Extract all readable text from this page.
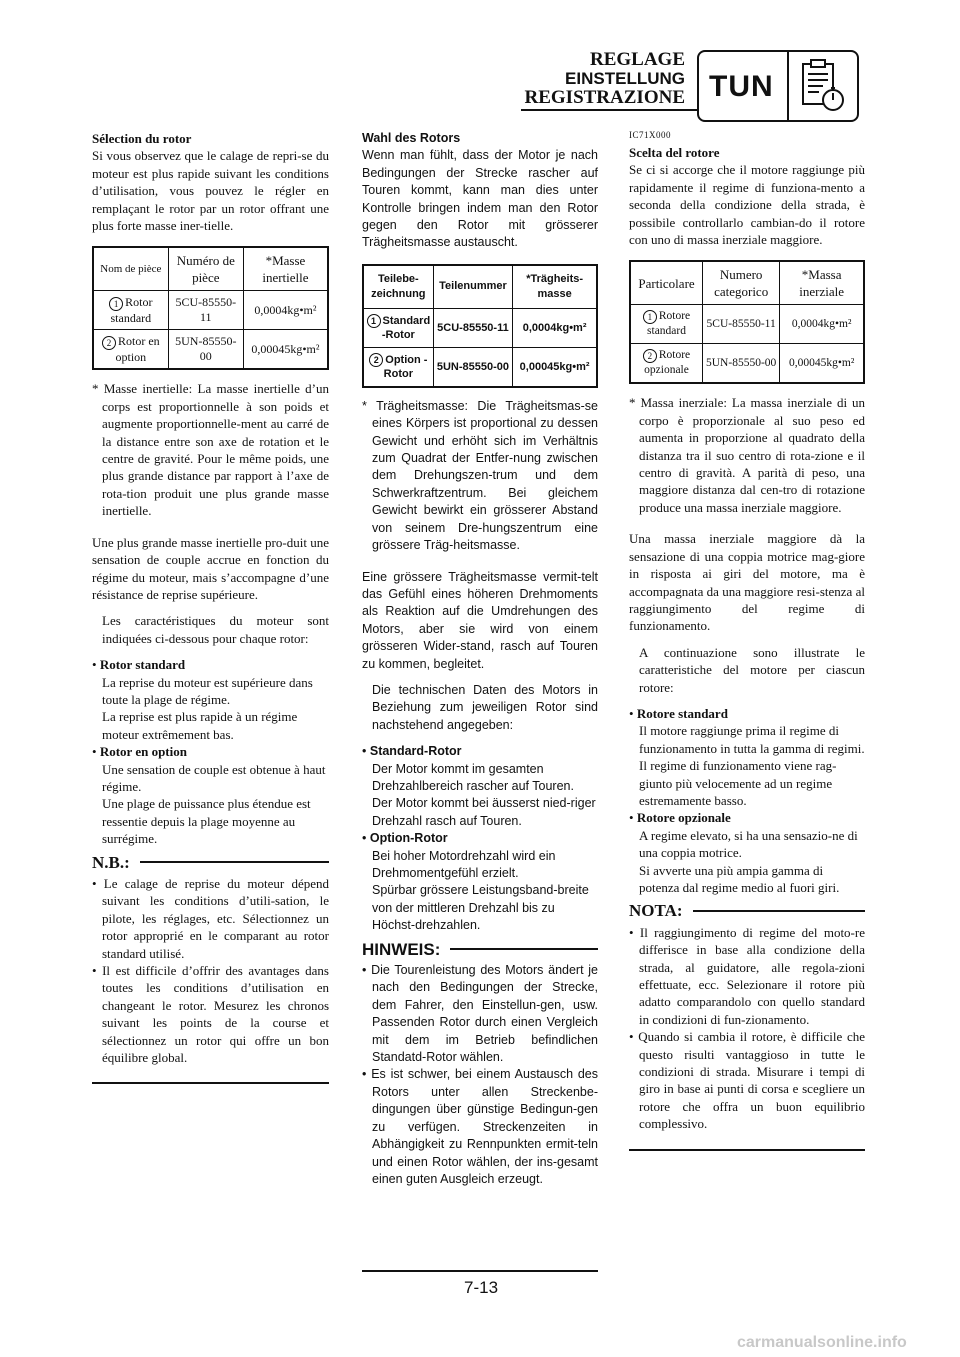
REGLAGE
EINSTELLUNG
REGISTRAZIONE TUN

Sélection du rotor

Si vous observez que le calage de repri-se du moteur est plus rapide suivant les conditions d’utilisation, vous pouvez le régler en remplaçant le rotor par un rotor offrant une plus forte masse iner-tielle.

Nom de pièce	Numéro de pièce	*Masse inertielle
1 Rotor standard	5CU-85550-11	0,0004kg•m²
2 Rotor en option	5UN-85550-00	0,00045kg•m²

* Masse inertielle: La masse inertielle d’un corps est proportionnelle à son poids et augmente proportionnelle-ment au carré de la distance entre son axe de rotation et le centre de gravité. Pour le même poids, une plus grande distance par rapport à l’axe de rota-tion produit une plus grande masse inertielle.

Une plus grande masse inertielle pro-duit une sensation de couple accrue en fonction du régime du moteur, mais s’accompagne d’une résistance de reprise supérieure.

Les caractéristiques du moteur sont indiquées ci-dessous pour chaque rotor:

• Rotor standard

La reprise du moteur est supérieure dans toute la plage de régime.

La reprise est plus rapide à un régime moteur extrêmement bas.

• Rotor en option

Une sensation de couple est obtenue à haut régime.

Une plage de puissance plus étendue est ressentie depuis la plage moyenne au surrégime.

N.B.:

• Le calage de reprise du moteur dépend suivant les conditions d’utili-sation, le pilote, les réglages, etc. Sélectionnez un rotor approprié en le comparant au rotor standard utilisé.

• Il est difficile d’offrir des avantages dans toutes les conditions d’utilisation en changeant le rotor. Mesurez les chronos suivant les points de la course et sélectionnez un rotor qui offre un bon équilibre global.

Wahl des Rotors

Wenn man fühlt, dass der Motor je nach Bedingungen der Strecke rascher auf Touren kommt, kann man dies unter Kontrolle bringen indem man den Rotor gegen den Rotor mit grösserer Trägheitsmasse austauscht.

Teilebe-zeichnung	Teilenummer	*Trägheits-masse
1 Standard -Rotor	5CU-85550-11	0,0004kg•m²
2 Option -Rotor	5UN-85550-00	0,00045kg•m²

* Trägheitsmasse: Die Trägheitsmas-se eines Körpers ist proportional zu dessen Gewicht und erhöht sich im Verhältnis zum Quadrat der Entfer-nung zwischen dem Drehungszen-trum und dem Schwerkraftzentrum. Bei gleichem Gewicht bewirkt ein grösserer Abstand von seinem Dre-hungszentrum eine grössere Träg-heitsmasse.

Eine grössere Trägheitsmasse vermit-telt das Gefühl eines höheren Drehmoments als Reaktion auf die Umdrehungen des Motors, aber sie wird von einem grösseren Wider-stand, rasch auf Touren zu kommen, begleitet.

Die technischen Daten des Motors in Beziehung zum jeweiligen Rotor sind nachstehend angegeben:

• Standard-Rotor

Der Motor kommt im gesamten Drehzahlbereich rascher auf Touren.

Der Motor kommt bei äusserst nied-riger Drehzahl rasch auf Touren.

• Option-Rotor

Bei hoher Motordrehzahl wird ein Drehmomentgefühl erzielt.

Spürbar grössere Leistungsband-breite von der mittleren Drehzahl bis zu Höchst-drehzahlen.

HINWEIS:

• Die Tourenleistung des Motors ändert je nach den Bedingungen der Strecke, dem Fahrer, den Einstellun-gen, usw. Passenden Rotor durch einen Vergleich mit dem im Betrieb befindlichen Standatd-Rotor wählen.

• Es ist schwer, bei einem Austausch des Rotors unter allen Streckenbe-dingungen über günstige Bedingun-gen zu verfügen. Streckenzeiten in Abhängigkeit zu Rennpunkten ermit-teln und einen Rotor wählen, der ins-gesamt einen guten Ausgleich erzeugt.

IC71X000

Scelta del rotore

Se ci si accorge che il motore raggiunge più rapidamente il regime di funziona-mento a seconda della condizione della strada, è possibile controllarlo cambian-do il rotore con uno di massa inerziale maggiore.

Particolare	Numero categorico	*Massa inerziale
1 Rotore standard	5CU-85550-11	0,0004kg•m²
2 Rotore opzionale	5UN-85550-00	0,00045kg•m²

* Massa inerziale: La massa inerziale di un corpo è proporzionale al suo peso ed aumenta in proporzione al quadrato della distanza tra il suo centro di rota-zione e il centro di gravità. A parità di peso, una maggiore distanza dal cen-tro di rotazione produce una massa inerziale maggiore.

Una massa inerziale maggiore dà la sensazione di una coppia motrice mag-giore in risposta ai giri del motore, ma è accompagnata da una maggiore resi-stenza al raggiungimento del regime di funzionamento.

A continuazione sono illustrate le caratteristiche del motore per ciascun rotore:

• Rotore standard

Il motore raggiunge prima il regime di funzionamento in tutta la gamma di regimi.

Il regime di funzionamento viene rag-giunto più velocemente ad un regime estremamente basso.

• Rotore opzionale

A regime elevato, si ha una sensazio-ne di una coppia motrice.

Si avverte una più ampia gamma di potenza dal regime medio al fuori giri.

NOTA:

• Il raggiungimento di regime del moto-re differisce in base alla condizione della strada, al guidatore, alle regola-zioni effettuate, ecc. Selezionare il rotore più adatto comparandolo con quello standard in condizioni di fun-zionamento.

• Quando si cambia il rotore, è difficile che questo risulti vantaggioso in tutte le condizioni di strada. Misurare i tempi di giro in base ai punti di corsa e scegliere un rotore che offra un buon equilibrio complessivo.

7-13
carmanualsonline.info
